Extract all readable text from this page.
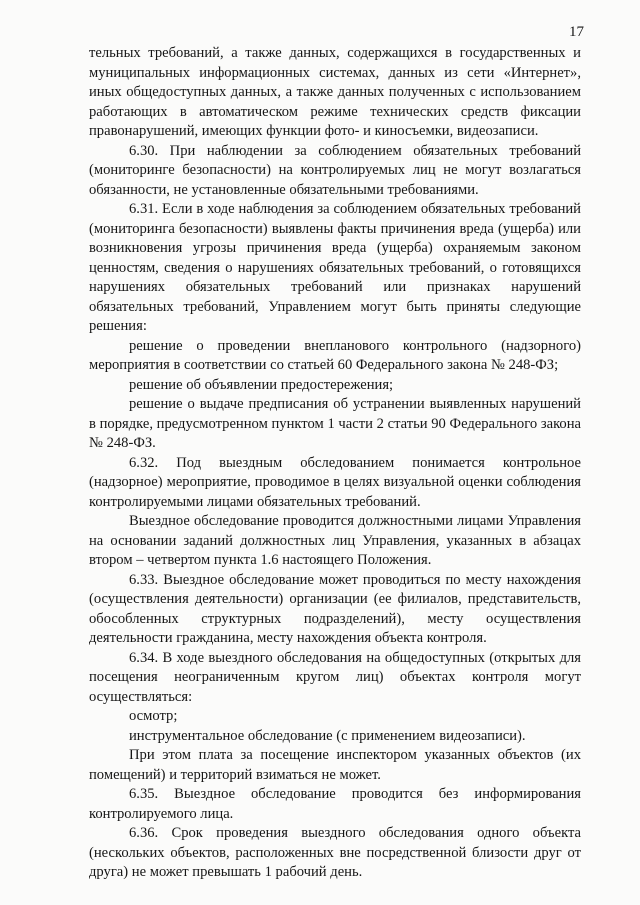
17

тельных требований, а также данных, содержащихся в государственных и муниципальных информационных системах, данных из сети «Интернет», иных общедоступных данных, а также данных полученных с использованием работающих в автоматическом режиме технических средств фиксации правонарушений, имеющих функции фото- и киносъемки, видеозаписи.

6.30. При наблюдении за соблюдением обязательных требований (мониторинге безопасности) на контролируемых лиц не могут возлагаться обязанности, не установленные обязательными требованиями.

6.31. Если в ходе наблюдения за соблюдением обязательных требований (мониторинга безопасности) выявлены факты причинения вреда (ущерба) или возникновения угрозы причинения вреда (ущерба) охраняемым законом ценностям, сведения о нарушениях обязательных требований, о готовящихся нарушениях обязательных требований или признаках нарушений обязательных требований, Управлением могут быть приняты следующие решения:

решение о проведении внепланового контрольного (надзорного) мероприятия в соответствии со статьей 60 Федерального закона № 248-ФЗ;

решение об объявлении предостережения;

решение о выдаче предписания об устранении выявленных нарушений в порядке, предусмотренном пунктом 1 части 2 статьи 90 Федерального закона № 248-ФЗ.

6.32. Под выездным обследованием понимается контрольное (надзорное) мероприятие, проводимое в целях визуальной оценки соблюдения контролируемыми лицами обязательных требований.

Выездное обследование проводится должностными лицами Управления на основании заданий должностных лиц Управления, указанных в абзацах втором – четвертом пункта 1.6 настоящего Положения.

6.33. Выездное обследование может проводиться по месту нахождения (осуществления деятельности) организации (ее филиалов, представительств, обособленных структурных подразделений), месту осуществления деятельности гражданина, месту нахождения объекта контроля.

6.34. В ходе выездного обследования на общедоступных (открытых для посещения неограниченным кругом лиц) объектах контроля могут осуществляться:

осмотр;

инструментальное обследование (с применением видеозаписи).

При этом плата за посещение инспектором указанных объектов (их помещений) и территорий взиматься не может.

6.35. Выездное обследование проводится без информирования контролируемого лица.

6.36. Срок проведения выездного обследования одного объекта (нескольких объектов, расположенных вне посредственной близости друг от друга) не может превышать 1 рабочий день.
